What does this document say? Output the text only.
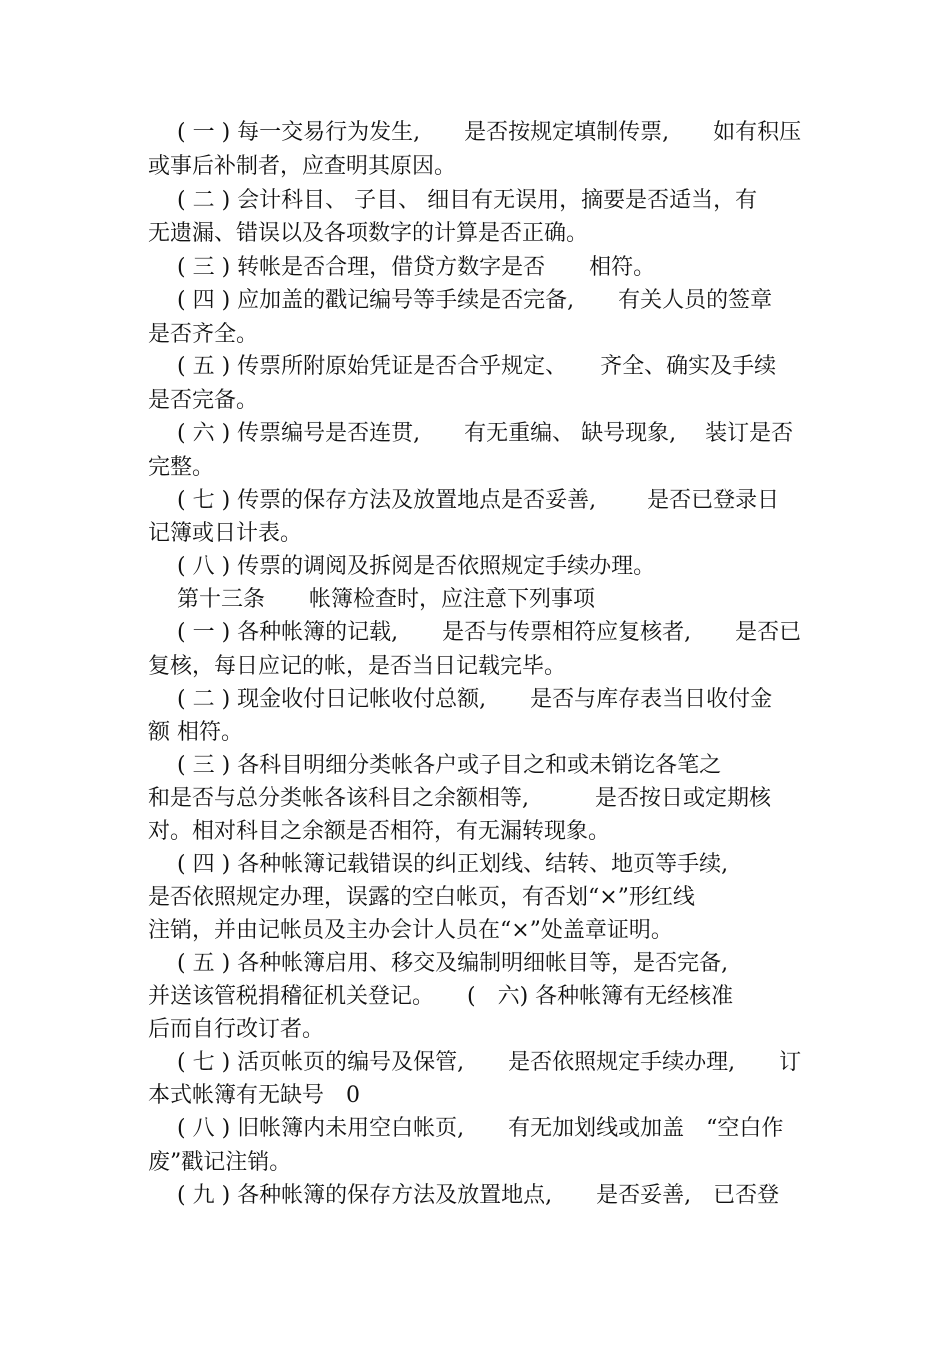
( 一 ) 每一交易行为发生,　　是否按规定填制传票,　　如有积压
或事后补制者，应查明其原因。
( 二 ) 会计科目、 子目、 细目有无误用，摘要是否适当，有
无遗漏、错误以及各项数字的计算是否正确。
( 三 ) 转帐是否合理，借贷方数字是否　　相符。
( 四 ) 应加盖的戳记编号等手续是否完备,　　有关人员的签章
是否齐全。
( 五 ) 传票所附原始凭证是否合乎规定、　　齐全、确实及手续
是否完备。
( 六 ) 传票编号是否连贯,　　有无重编、 缺号现象,　 装订是否
完整。
( 七 ) 传票的保存方法及放置地点是否妥善,　　 是否已登录日
记簿或日计表。
( 八 ) 传票的调阅及拆阅是否依照规定手续办理。
第十三条　　帐簿检查时，应注意下列事项
( 一 ) 各种帐簿的记载,　　是否与传票相符应复核者,　　是否已
复核，每日应记的帐，是否当日记载完毕。
( 二 ) 现金收付日记帐收付总额,　　是否与库存表当日收付金
额 相符。
( 三 ) 各科目明细分类帐各户或子目之和或未销讫各笔之
和是否与总分类帐各该科目之余额相等,　　　是否按日或定期核
对。相对科目之余额是否相符，有无漏转现象。
( 四 ) 各种帐簿记载错误的纠正划线、结转、地页等手续,
是否依照规定办理，误露的空白帐页，有否划“×”形红线
注销，并由记帐员及主办会计人员在“×”处盖章证明。
( 五 ) 各种帐簿启用、移交及编制明细帐目等，是否完备,
并送该管税捐稽征机关登记。　　(　六) 各种帐簿有无经核准
后而自行改订者。
( 七 ) 活页帐页的编号及保管,　　是否依照规定手续办理,　　订
本式帐簿有无缺号　0
( 八 ) 旧帐簿内未用空白帐页,　　有无加划线或加盖　“空白作
废”戳记注销。
( 九 ) 各种帐簿的保存方法及放置地点,　　是否妥善,　已否登
